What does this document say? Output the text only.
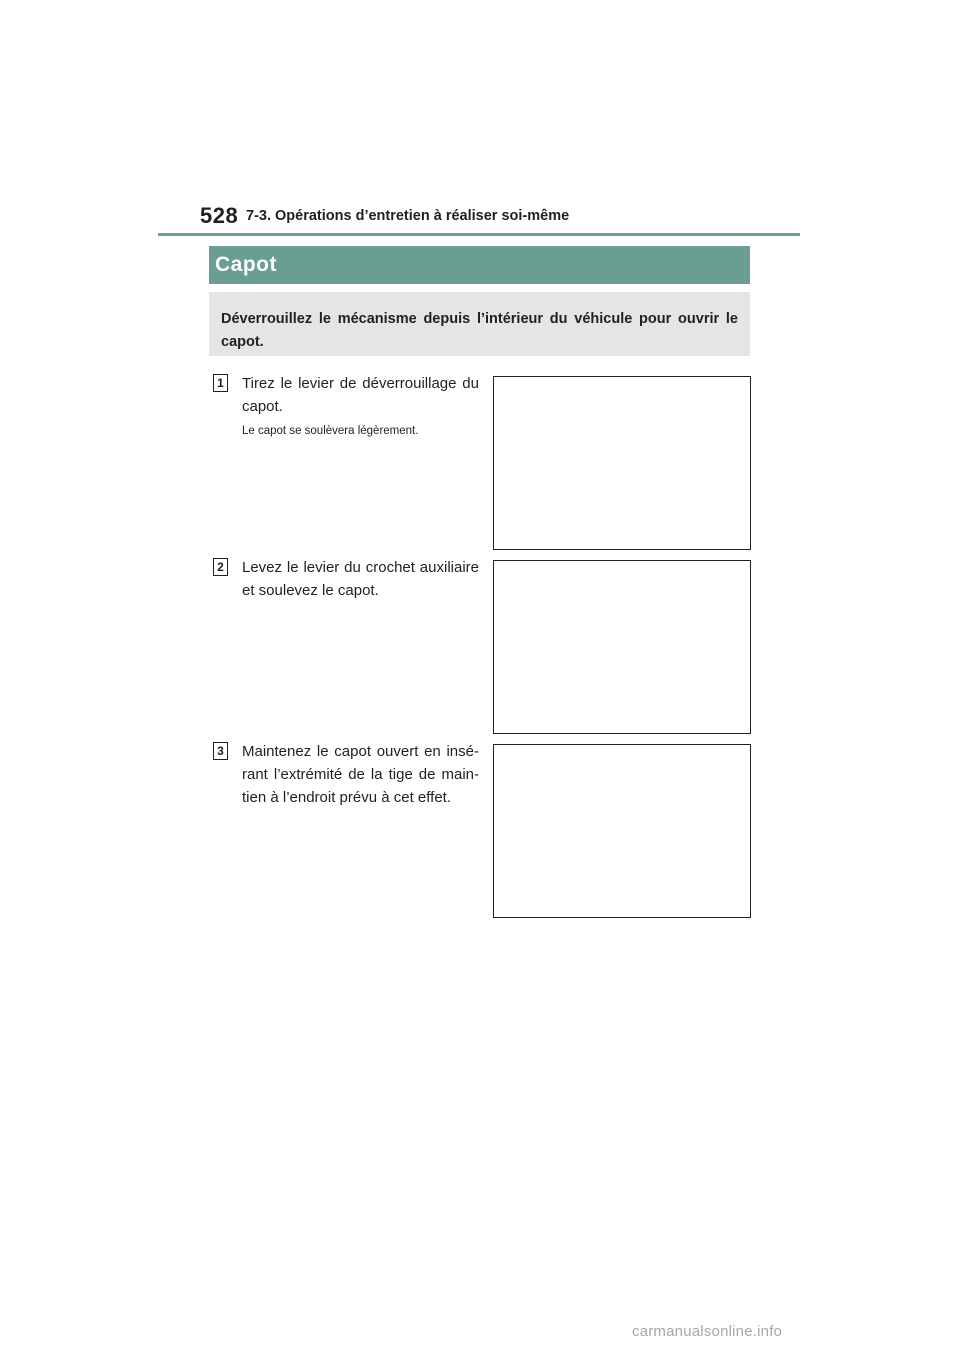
528 7-3. Opérations d’entretien à réaliser soi-même
Capot
Déverrouillez le mécanisme depuis l’intérieur du véhicule pour ouvrir le capot.
1 Tirez le levier de déverrouillage du capot.
Le capot se soulèvera légèrement.
2 Levez le levier du crochet auxiliaire et soulevez le capot.
3 Maintenez le capot ouvert en insé- rant l’extrémité de la tige de main- tien à l’endroit prévu à cet effet.
carmanualsonline.info
